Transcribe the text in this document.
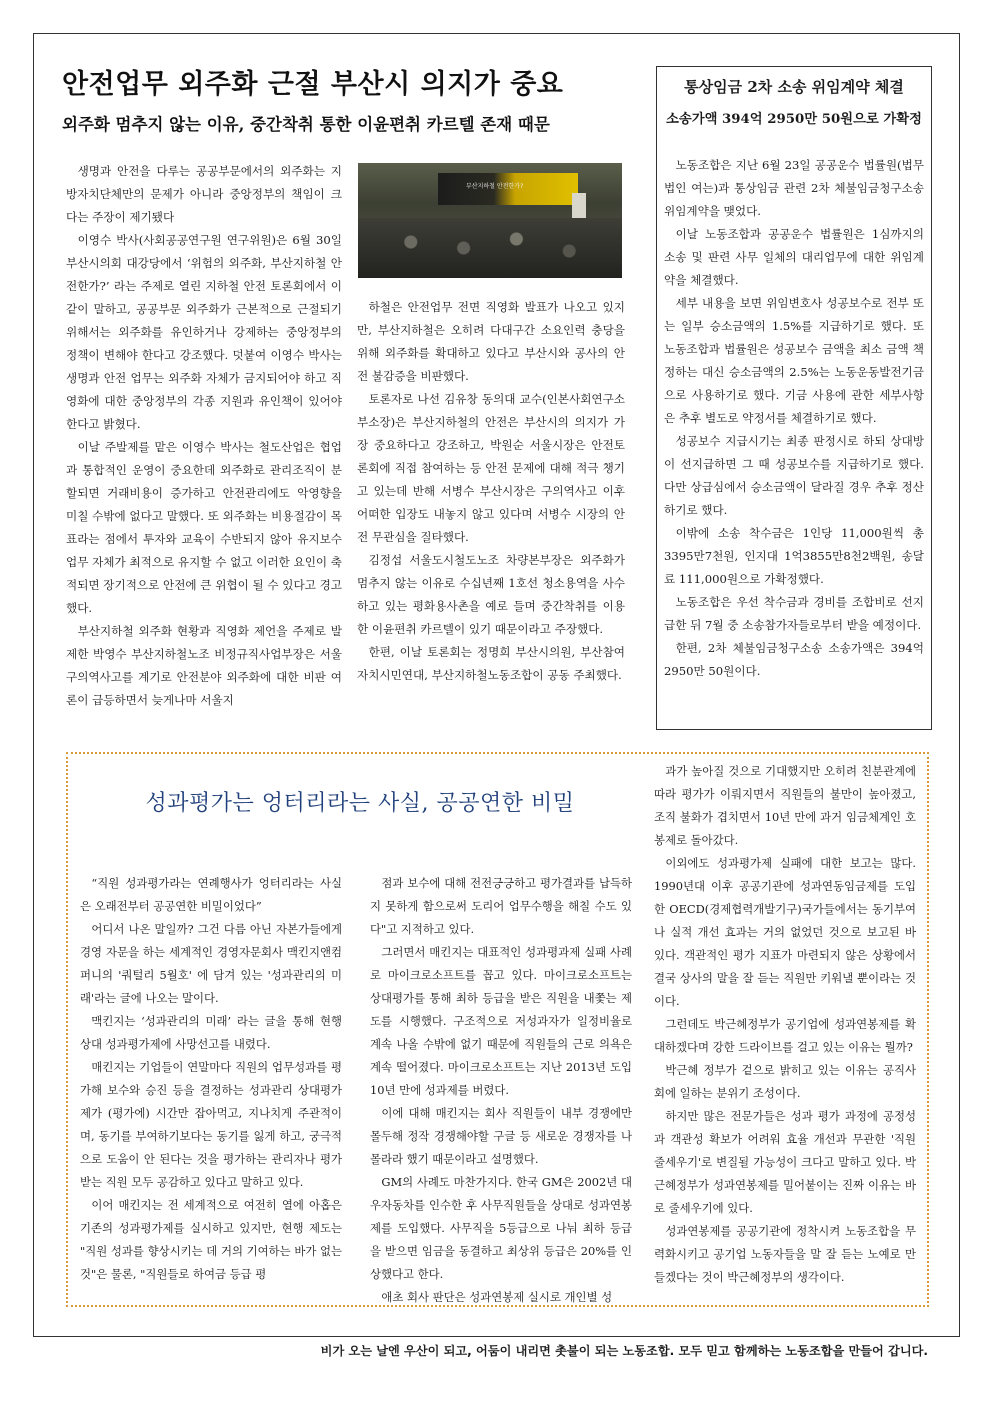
안전업무 외주화 근절 부산시 의지가 중요
외주화 멈추지 않는 이유, 중간착취 통한 이윤편취 카르텔 존재 때문

생명과 안전을 다루는 공공부문에서의 외주화는 지방자치단체만의 문제가 아니라 중앙정부의 책임이 크다는 주장이 제기됐다

이영수 박사(사회공공연구원 연구위원)은 6월 30일 부산시의회 대강당에서 ‘위험의 외주화, 부산지하철 안전한가?’ 라는 주제로 열린 지하철 안전 토론회에서 이 같이 말하고, 공공부문 외주화가 근본적으로 근절되기 위해서는 외주화를 유인하거나 강제하는 중앙정부의 정책이 변해야 한다고 강조했다. 덧붙여 이영수 박사는 생명과 안전 업무는 외주화 자체가 금지되어야 하고 직영화에 대한 중앙정부의 각종 지원과 유인책이 있어야 한다고 밝혔다.

이날 주발제를 맡은 이영수 박사는 철도산업은 협업과 통합적인 운영이 중요한데 외주화로 관리조직이 분할되면 거래비용이 증가하고 안전관리에도 악영향을 미칠 수밖에 없다고 말했다. 또 외주화는 비용절감이 목표라는 점에서 투자와 교육이 수반되지 않아 유지보수업무 자체가 최적으로 유지할 수 없고 이러한 요인이 축적되면 장기적으로 안전에 큰 위협이 될 수 있다고 경고했다.

부산지하철 외주화 현황과 직영화 제언을 주제로 발제한 박영수 부산지하철노조 비정규직사업부장은 서울 구의역사고를 계기로 안전분야 외주화에 대한 비판 여론이 급등하면서 늦게나마 서울지

부산지하철 안전한가?

하철은 안전업무 전면 직영화 발표가 나오고 있지만, 부산지하철은 오히려 다대구간 소요인력 충당을 위해 외주화를 확대하고 있다고 부산시와 공사의 안전 불감증을 비판했다.

토론자로 나선 김유창 동의대 교수(인본사회연구소 부소장)은 부산지하철의 안전은 부산시의 의지가 가장 중요하다고 강조하고, 박원순 서울시장은 안전토론회에 직접 참여하는 등 안전 문제에 대해 적극 챙기고 있는데 반해 서병수 부산시장은 구의역사고 이후 어떠한 입장도 내놓지 않고 있다며 서병수 시장의 안전 무관심을 질타했다.

김정섭 서울도시철도노조 차량본부장은 외주화가 멈추지 않는 이유로 수십년째 1호선 청소용역을 사수하고 있는 평화용사촌을 예로 들며 중간착취를 이용한 이윤편취 카르텔이 있기 때문이라고 주장했다.

한편, 이날 토론회는 정명희 부산시의원, 부산참여자치시민연대, 부산지하철노동조합이 공동 주최했다.

통상임금 2차 소송 위임계약 체결
소송가액 394억 2950만 50원으로 가확정

노동조합은 지난 6월 23일 공공운수 법률원(법무법인 여는)과 통상임금 관련 2차 체불임금청구소송 위임계약을 맺었다.

이날 노동조합과 공공운수 법률원은 1심까지의 소송 및 판련 사무 일체의 대리업무에 대한 위임계약을 체결했다.

세부 내용을 보면 위임변호사 성공보수로 전부 또는 일부 승소금액의 1.5%를 지급하기로 했다. 또 노동조합과 법률원은 성공보수 금액을 최소 금액 책정하는 대신 승소금액의 2.5%는 노동운동발전기금으로 사용하기로 했다. 기금 사용에 관한 세부사항은 추후 별도로 약정서를 체결하기로 했다.

성공보수 지급시기는 최종 판정시로 하되 상대방이 선지급하면 그 때 성공보수를 지급하기로 했다. 다만 상급심에서 승소금액이 달라질 경우 추후 정산하기로 했다.

이밖에 소송 착수금은 1인당 11,000원씩 총 3395만7천원, 인지대 1억3855만8천2백원, 송달료 111,000원으로 가확정했다.

노동조합은 우선 착수금과 경비를 조합비로 선지급한 뒤 7월 중 소송참가자들로부터 받을 예정이다.

한편, 2차 체불임금청구소송 소송가액은 394억 2950만 50원이다.

성과평가는 엉터리라는 사실, 공공연한 비밀

“직원 성과평가라는 연례행사가 엉터리라는 사실은 오래전부터 공공연한 비밀이었다”

어디서 나온 말일까? 그건 다름 아닌 자본가들에게 경영 자문을 하는 세계적인 경영자문회사 맥킨지앤컴퍼니의 '쿼털리 5월호' 에 담겨 있는 '성과관리의 미래'라는 글에 나오는 말이다.

맥킨지는 ‘성과관리의 미래’ 라는 글을 통해 현행 상대 성과평가제에 사망선고를 내렸다.

매킨지는 기업들이 연말마다 직원의 업무성과를 평가해 보수와 승진 등을 결정하는 성과관리 상대평가제가 (평가에) 시간만 잡아먹고, 지나치게 주관적이며, 동기를 부여하기보다는 동기를 잃게 하고, 궁극적으로 도움이 안 된다는 것을 평가하는 관리자나 평가받는 직원 모두 공감하고 있다고 말하고 있다.

이어 매킨지는 전 세계적으로 여전히 열에 아홉은 기존의 성과평가제를 실시하고 있지만, 현행 제도는 "직원 성과를 향상시키는 데 거의 기여하는 바가 없는 것"은 물론, "직원들로 하여금 등급 평

점과 보수에 대해 전전긍긍하고 평가결과를 납득하지 못하게 함으로써 도리어 업무수행을 해칠 수도 있다"고 지적하고 있다.

그러면서 매킨지는 대표적인 성과평과제 실패 사례로 마이크로소프트를 꼽고 있다. 마이크로소프트는 상대평가를 통해 최하 등급을 받은 직원을 내쫓는 제도를 시행했다. 구조적으로 저성과자가 일정비율로 계속 나올 수밖에 없기 때문에 직원들의 근로 의욕은 계속 떨어졌다. 마이크로소프트는 지난 2013년 도입 10년 만에 성과제를 버렸다.

이에 대해 매킨지는 회사 직원들이 내부 경쟁에만 몰두해 정작 경쟁해야할 구글 등 새로운 경쟁자를 나몰라라 했기 때문이라고 설명했다.

GM의 사례도 마찬가지다. 한국 GM은 2002년 대우자동차를 인수한 후 사무직원들을 상대로 성과연봉제를 도입했다. 사무직을 5등급으로 나눠 최하 등급을 받으면 임금을 동결하고 최상위 등급은 20%를 인상했다고 한다.

애초 회사 판단은 성과연봉제 실시로 개인별 성

과가 높아질 것으로 기대했지만 오히려 친분관계에 따라 평가가 이뤄지면서 직원들의 불만이 높아졌고, 조직 불화가 겹치면서 10년 만에 과거 임금체계인 호봉제로 돌아갔다.

이외에도 성과평가제 실패에 대한 보고는 많다. 1990년대 이후 공공기관에 성과연동임금제를 도입한 OECD(경제협력개발기구)국가들에서는 동기부여나 실적 개선 효과는 거의 없었던 것으로 보고된 바 있다. 객관적인 평가 지표가 마련되지 않은 상황에서 결국 상사의 말을 잘 듣는 직원만 키워낼 뿐이라는 것이다.

그런데도 박근혜정부가 공기업에 성과연봉제를 확대하겠다며 강한 드라이브를 걸고 있는 이유는 뭘까?

박근혜 정부가 겉으로 밝히고 있는 이유는 공직사회에 일하는 분위기 조성이다.

하지만 많은 전문가들은 성과 평가 과정에 공정성과 객관성 확보가 어려워 효율 개선과 무관한 '직원 줄세우기'로 변질될 가능성이 크다고 말하고 있다. 박근혜정부가 성과연봉제를 밀어붙이는 진짜 이유는 바로 줄세우기에 있다.

성과연봉제를 공공기관에 정착시켜 노동조합을 무력화시키고 공기업 노동자들을 말 잘 듣는 노예로 만들겠다는 것이 박근혜정부의 생각이다.

비가 오는 날엔 우산이 되고, 어둠이 내리면 촛불이 되는 노동조합. 모두 믿고 함께하는 노동조합을 만들어 갑니다.
